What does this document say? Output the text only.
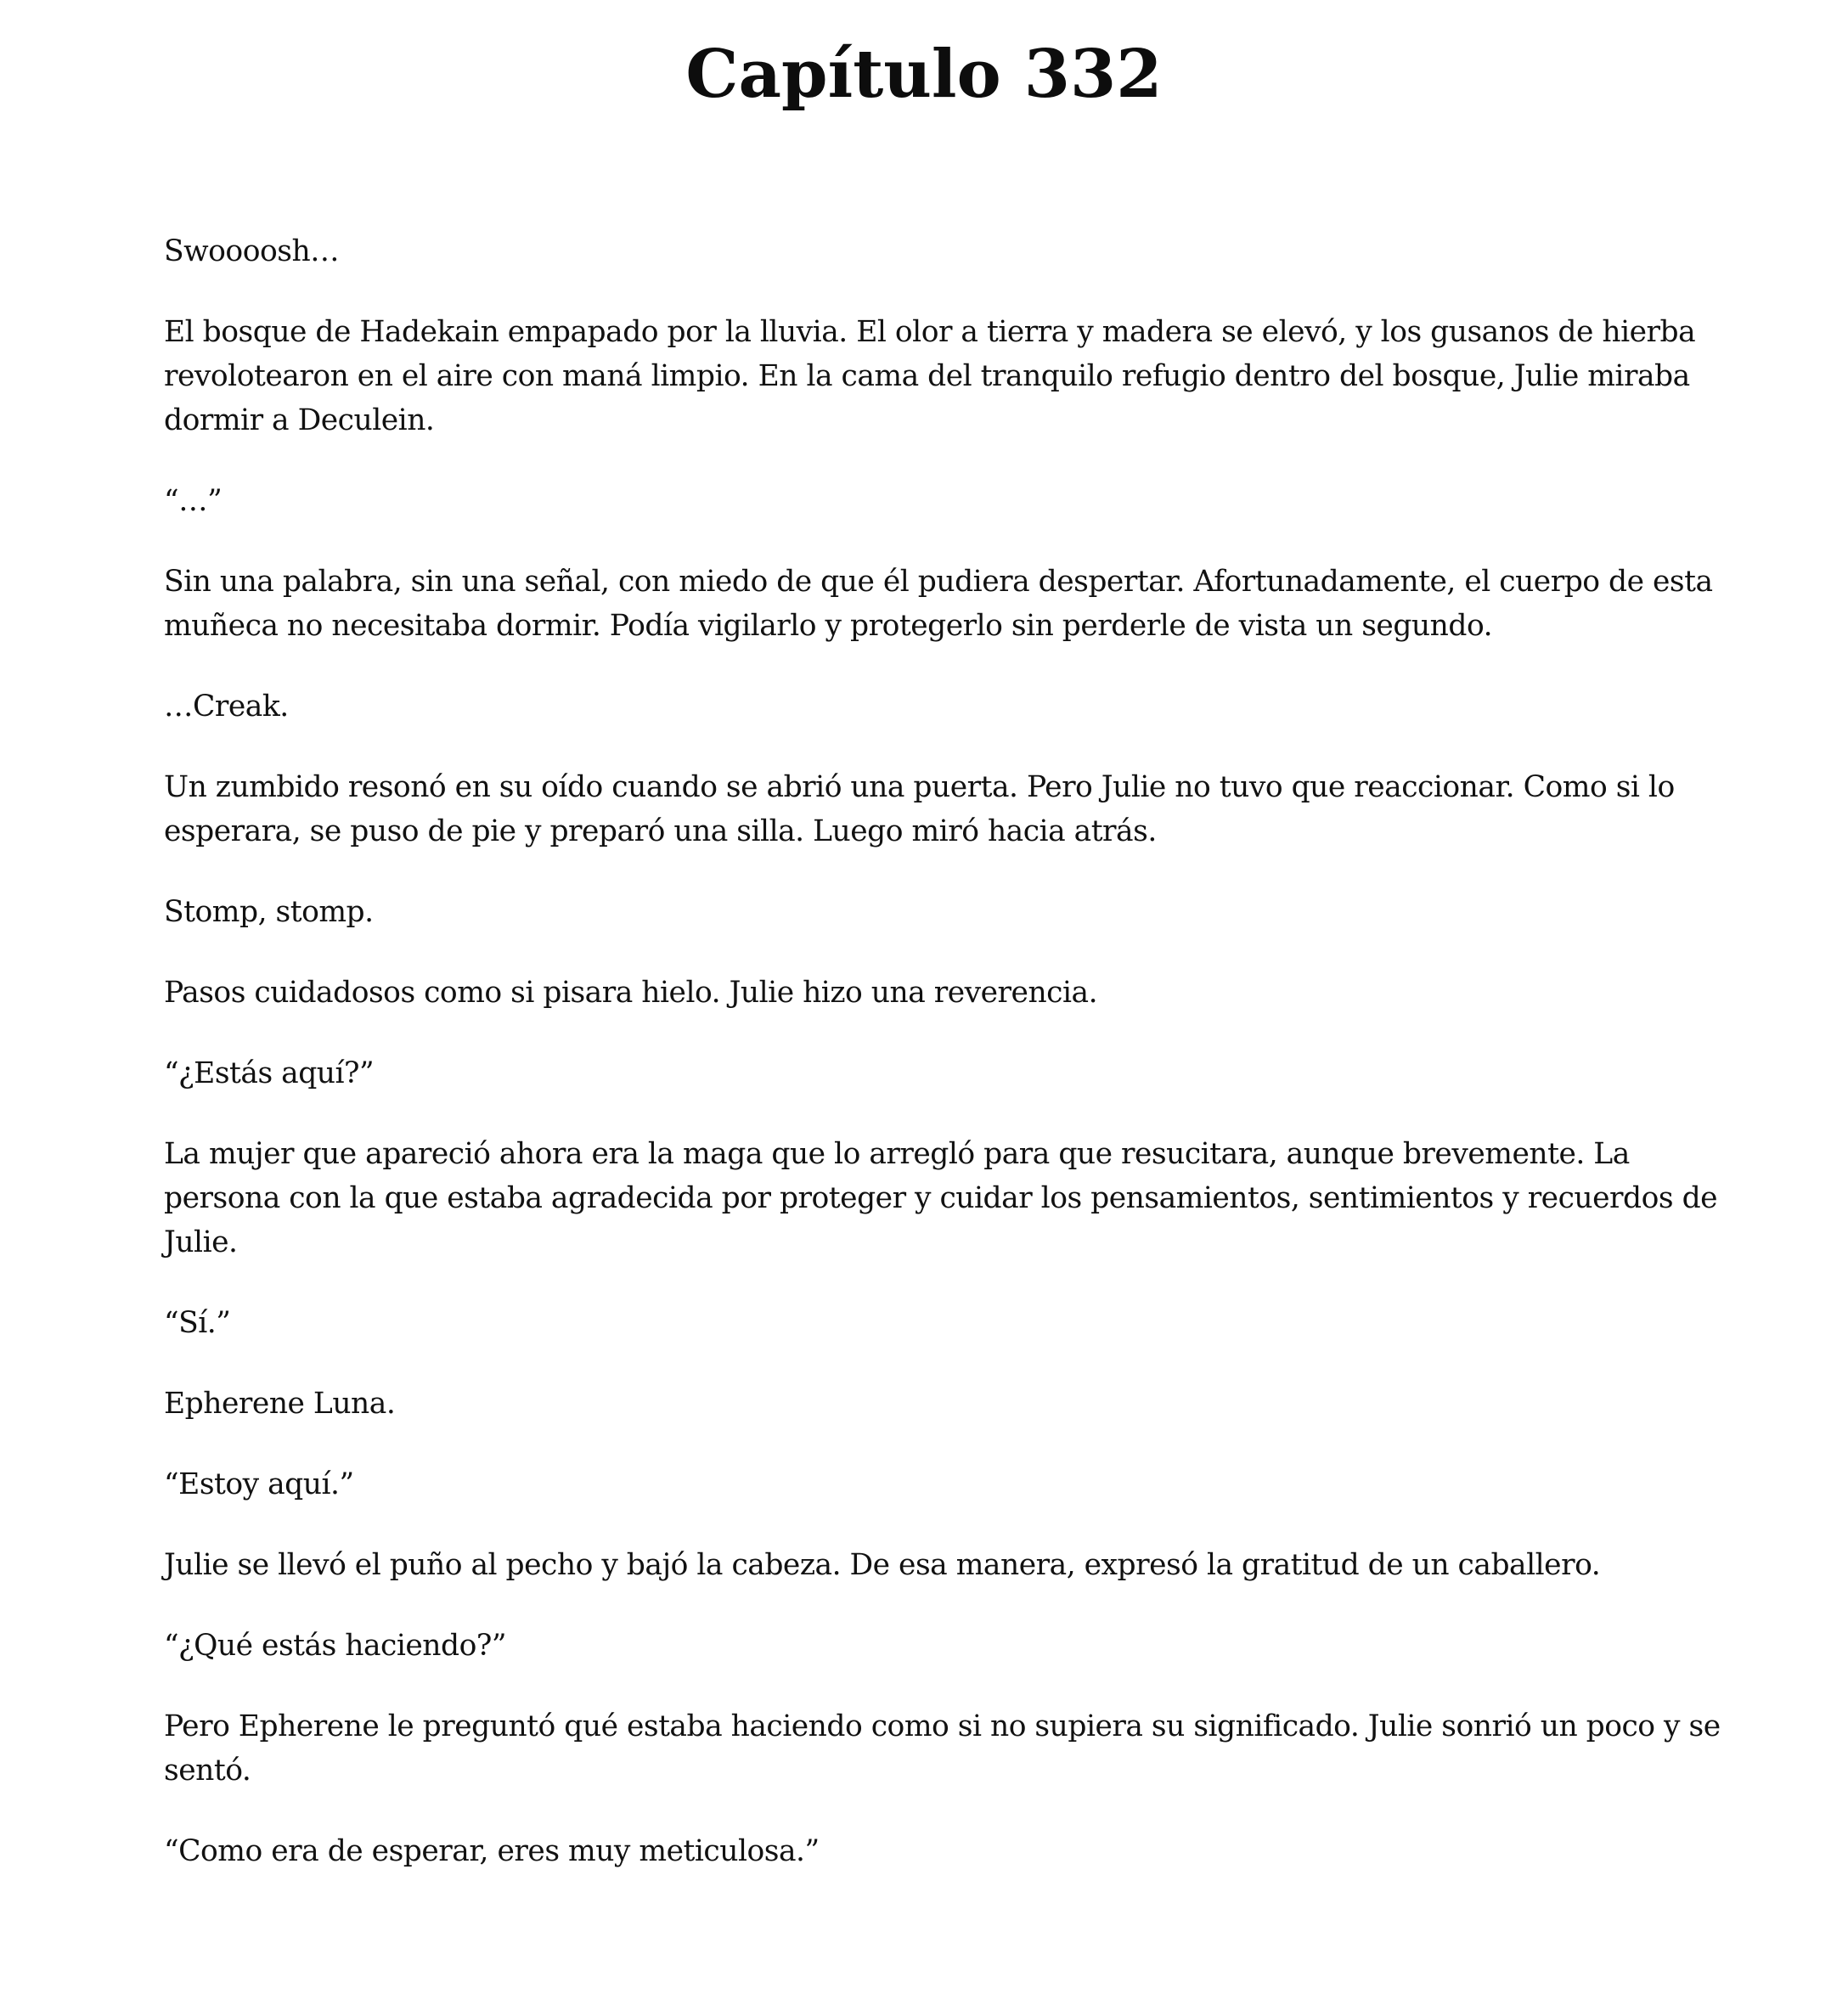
Capítulo 332

Swoooosh…

El bosque de Hadekain empapado por la lluvia. El olor a tierra y madera se elevó, y los gusanos de hierba revolotearon en el aire con maná limpio. En la cama del tranquilo refugio dentro del bosque, Julie miraba dormir a Deculein.

“…”

Sin una palabra, sin una señal, con miedo de que él pudiera despertar. Afortunadamente, el cuerpo de esta muñeca no necesitaba dormir. Podía vigilarlo y protegerlo sin perderle de vista un segundo.

…Creak.

Un zumbido resonó en su oído cuando se abrió una puerta. Pero Julie no tuvo que reaccionar. Como si lo esperara, se puso de pie y preparó una silla. Luego miró hacia atrás.

Stomp, stomp.

Pasos cuidadosos como si pisara hielo. Julie hizo una reverencia.

“¿Estás aquí?”

La mujer que apareció ahora era la maga que lo arregló para que resucitara, aunque brevemente. La persona con la que estaba agradecida por proteger y cuidar los pensamientos, sentimientos y recuerdos de Julie.

“Sí.”

Epherene Luna.

“Estoy aquí.”

Julie se llevó el puño al pecho y bajó la cabeza. De esa manera, expresó la gratitud de un caballero.

“¿Qué estás haciendo?”

Pero Epherene le preguntó qué estaba haciendo como si no supiera su significado. Julie sonrió un poco y se sentó.

“Como era de esperar, eres muy meticulosa.”
